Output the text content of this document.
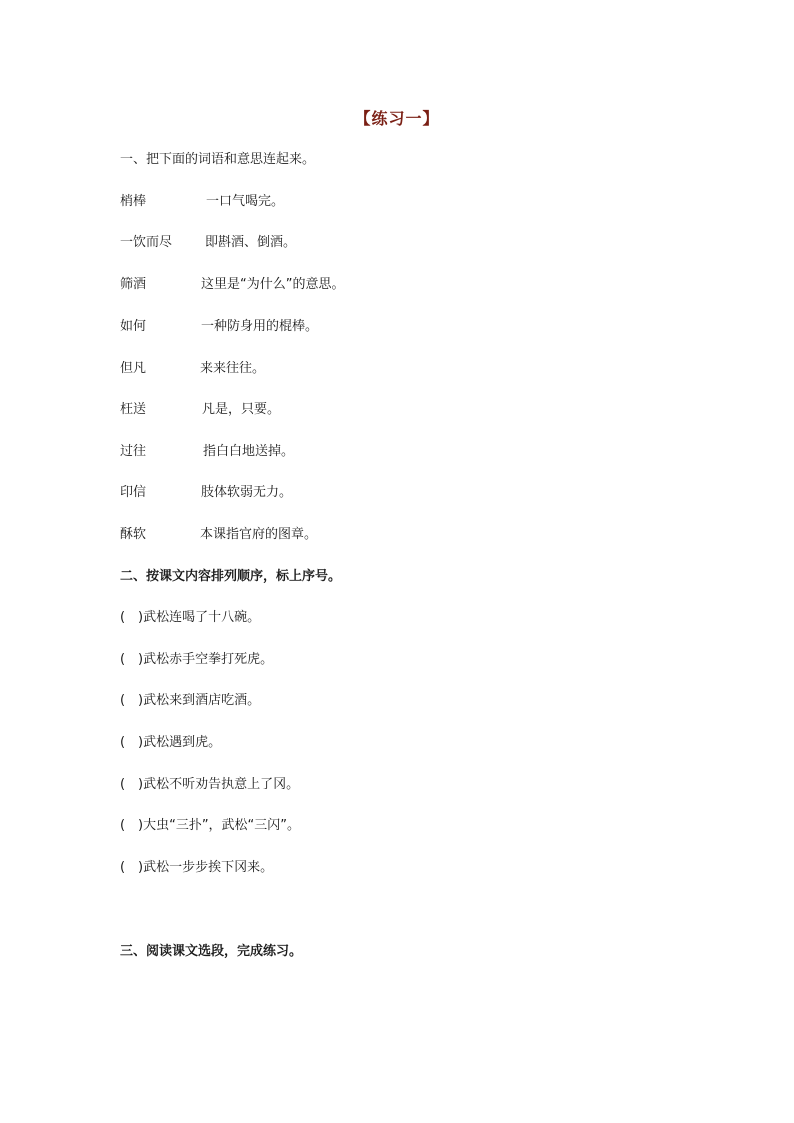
【练习一】
一、把下面的词语和意思连起来。
梢棒	一口气喝完。
一饮而尽	即斟酒、倒酒。
筛酒	这里是“为什么”的意思。
如何	一种防身用的棍棒。
但凡	来来往往。
枉送	凡是，只要。
过往	指白白地送掉。
印信	肢体软弱无力。
酥软	本课指官府的图章。
二、按课文内容排列顺序，标上序号。
( )武松连喝了十八碗。
( )武松赤手空拳打死虎。
( )武松来到酒店吃酒。
( )武松遇到虎。
( )武松不听劝告执意上了冈。
( )大虫“三扑”，武松“三闪”。
( )武松一步步挨下冈来。
三、阅读课文选段，完成练习。
